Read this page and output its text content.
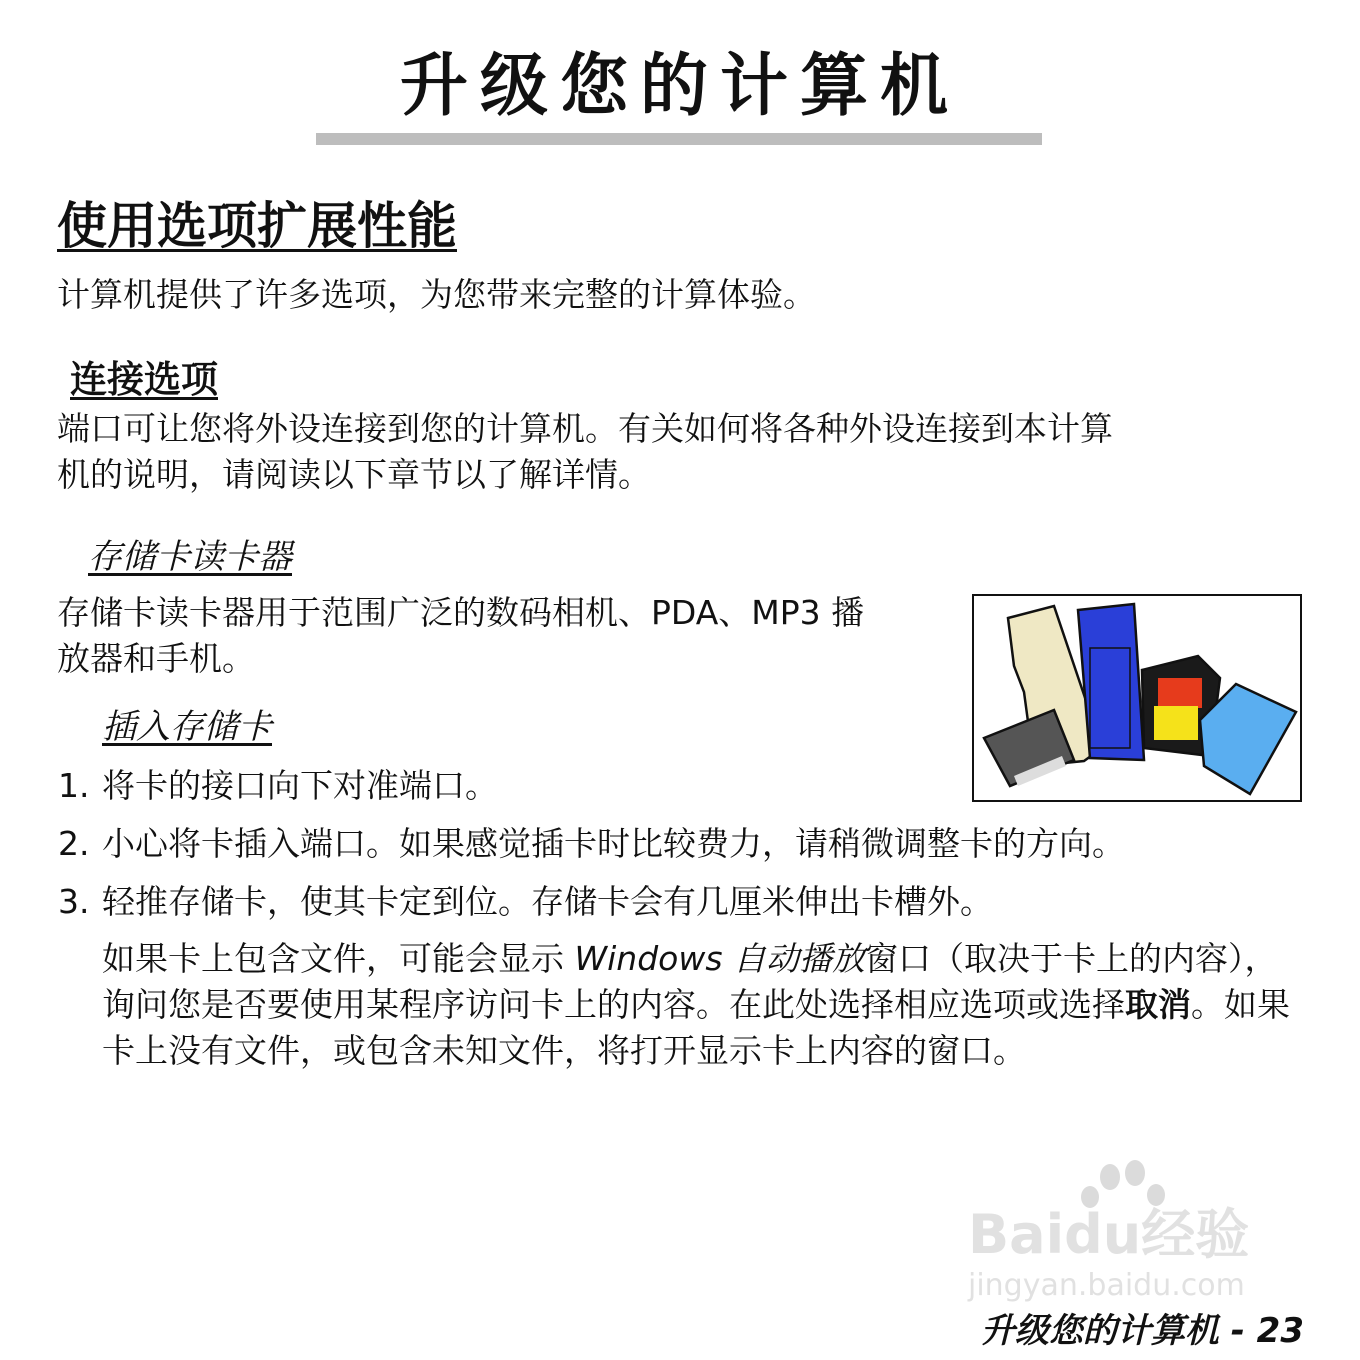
升级您的计算机
使用选项扩展性能

计算机提供了许多选项，为您带来完整的计算体验。

连接选项

端口可让您将外设连接到您的计算机。有关如何将各种外设连接到本计算

机的说明，请阅读以下章节以了解详情。

存储卡读卡器

存储卡读卡器用于范围广泛的数码相机、PDA、MP3 播

放器和手机。

插入存储卡
1. 将卡的接口向下对准端口。
2. 小心将卡插入端口。如果感觉插卡时比较费力，请稍微调整卡的方向。
3. 轻推存储卡，使其卡定到位。存储卡会有几厘米伸出卡槽外。

如果卡上包含文件，可能会显示 Windows 自动播放窗口（取决于卡上的内容），询问您是否要使用某程序访问卡上的内容。在此处选择相应选项或选择取消。如果卡上没有文件，或包含未知文件，将打开显示卡上内容的窗口。

Baidu经验
jingyan.baidu.com
升级您的计算机 - 23
